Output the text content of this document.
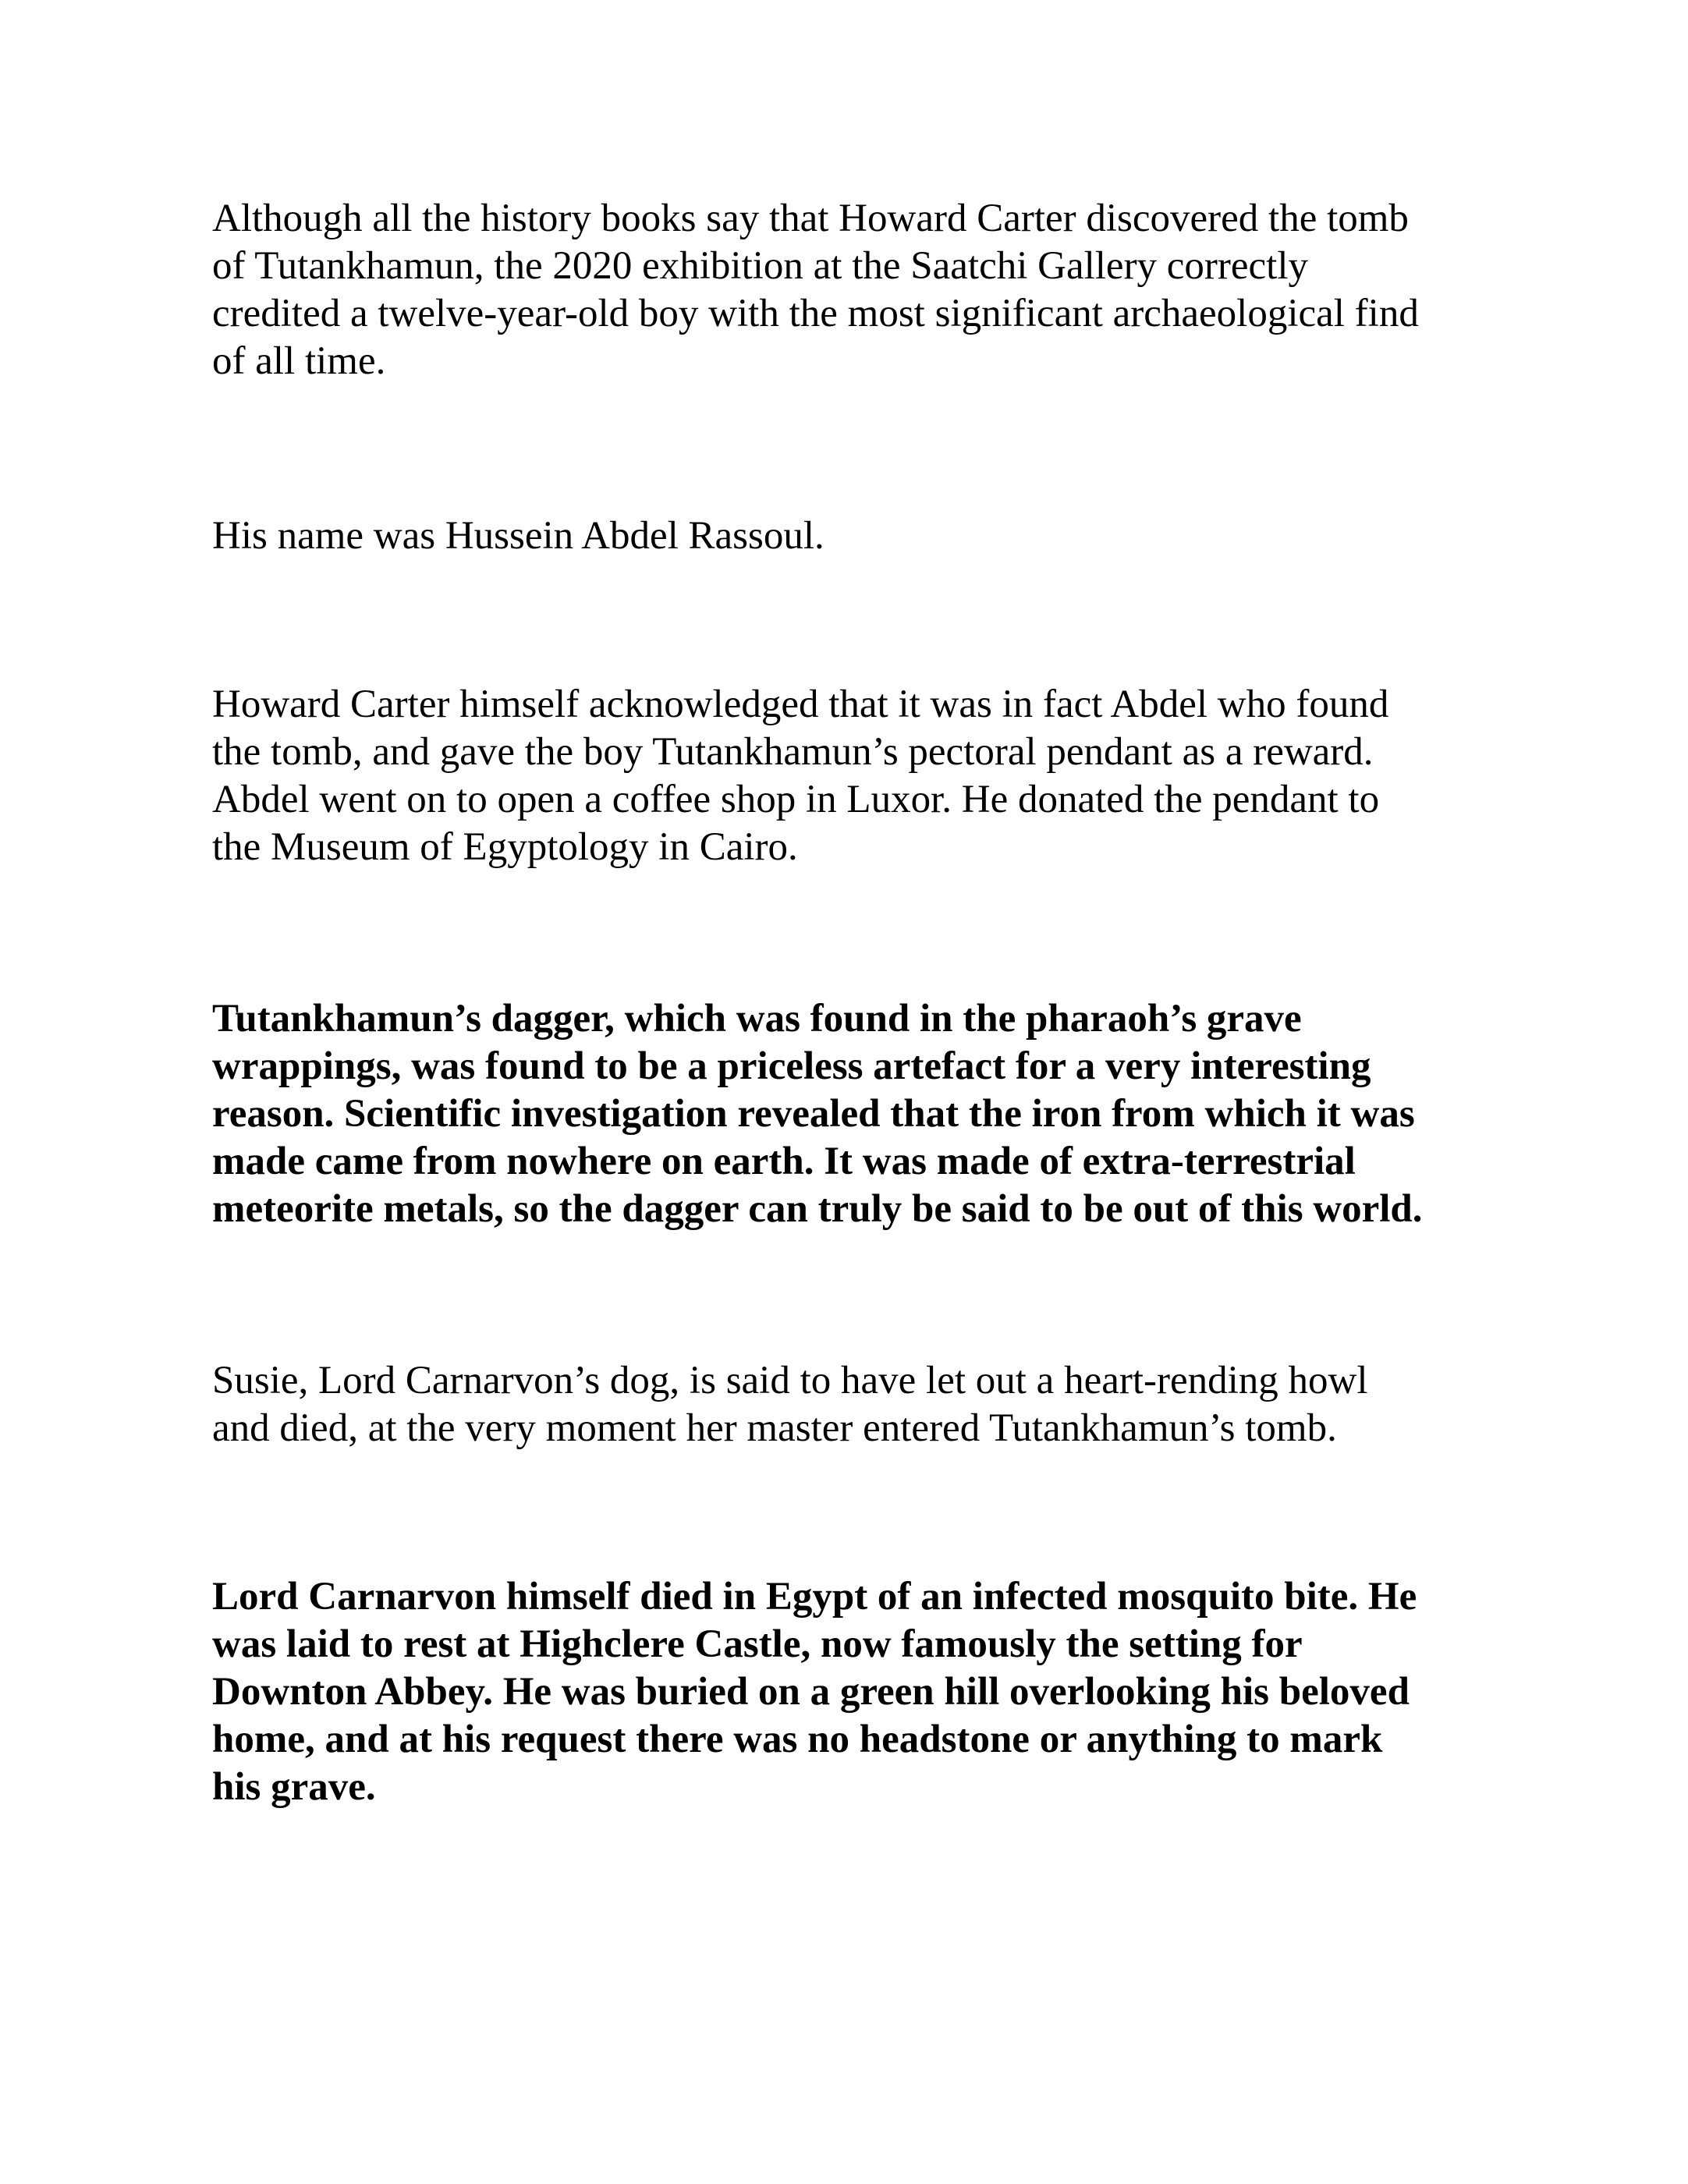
Although all the history books say that Howard Carter discovered the tomb
of Tutankhamun, the 2020 exhibition at the Saatchi Gallery correctly
credited a twelve-year-old boy with the most significant archaeological find
of all time.

His name was Hussein Abdel Rassoul.

Howard Carter himself acknowledged that it was in fact Abdel who found
the tomb, and gave the boy Tutankhamun’s pectoral pendant as a reward.
Abdel went on to open a coffee shop in Luxor. He donated the pendant to
the Museum of Egyptology in Cairo.

Tutankhamun’s dagger, which was found in the pharaoh’s grave
wrappings, was found to be a priceless artefact for a very interesting
reason. Scientific investigation revealed that the iron from which it was
made came from nowhere on earth. It was made of extra-terrestrial
meteorite metals, so the dagger can truly be said to be out of this world.

Susie, Lord Carnarvon’s dog, is said to have let out a heart-rending howl
and died, at the very moment her master entered Tutankhamun’s tomb.

Lord Carnarvon himself died in Egypt of an infected mosquito bite. He
was laid to rest at Highclere Castle, now famously the setting for
Downton Abbey. He was buried on a green hill overlooking his beloved
home, and at his request there was no headstone or anything to mark
his grave.
